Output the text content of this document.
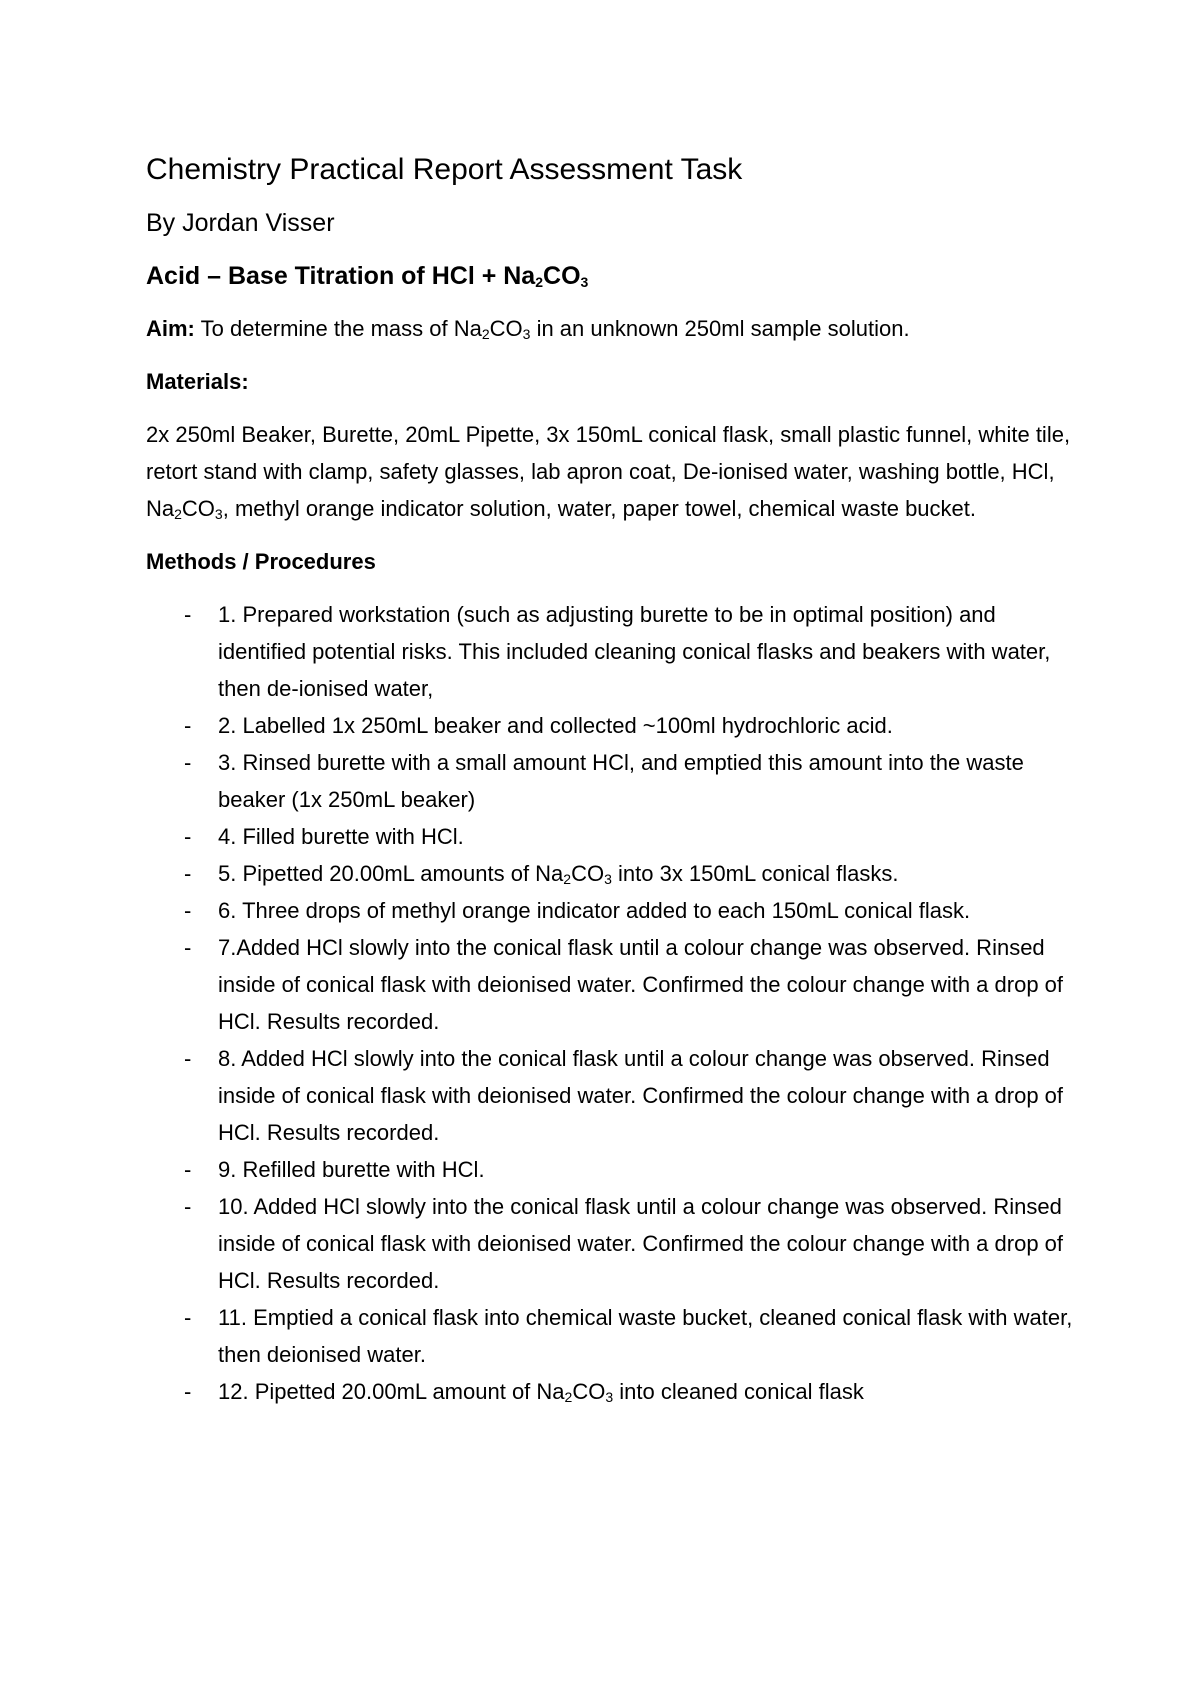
Chemistry Practical Report Assessment Task
By Jordan Visser
Acid – Base Titration of HCl + $Na_2CO_3$
Aim: To determine the mass of $Na_2CO_3$ in an unknown 250ml sample solution.
Materials:
2x 250ml Beaker, Burette, 20mL Pipette, 3x 150mL conical flask, small plastic funnel, white tile, retort stand with clamp, safety glasses, lab apron coat, De-ionised water, washing bottle, HCl, $Na_2CO_3$, methyl orange indicator solution, water, paper towel, chemical waste bucket.
Methods / Procedures
- 1. Prepared workstation (such as adjusting burette to be in optimal position) and identified potential risks. This included cleaning conical flasks and beakers with water, then de-ionised water,
- 2. Labelled 1x 250mL beaker and collected ~100ml hydrochloric acid.
- 3. Rinsed burette with a small amount HCl, and emptied this amount into the waste beaker (1x 250mL beaker)
- 4. Filled burette with HCl.
- 5. Pipetted 20.00mL amounts of $Na_2CO_3$ into 3x 150mL conical flasks.
- 6. Three drops of methyl orange indicator added to each 150mL conical flask.
- 7.Added HCl slowly into the conical flask until a colour change was observed. Rinsed inside of conical flask with deionised water. Confirmed the colour change with a drop of HCl. Results recorded.
- 8. Added HCl slowly into the conical flask until a colour change was observed. Rinsed inside of conical flask with deionised water. Confirmed the colour change with a drop of HCl. Results recorded.
- 9. Refilled burette with HCl.
- 10. Added HCl slowly into the conical flask until a colour change was observed. Rinsed inside of conical flask with deionised water. Confirmed the colour change with a drop of HCl. Results recorded.
- 11. Emptied a conical flask into chemical waste bucket, cleaned conical flask with water, then deionised water.
- 12. Pipetted 20.00mL amount of $Na_2CO_3$ into cleaned conical flask
